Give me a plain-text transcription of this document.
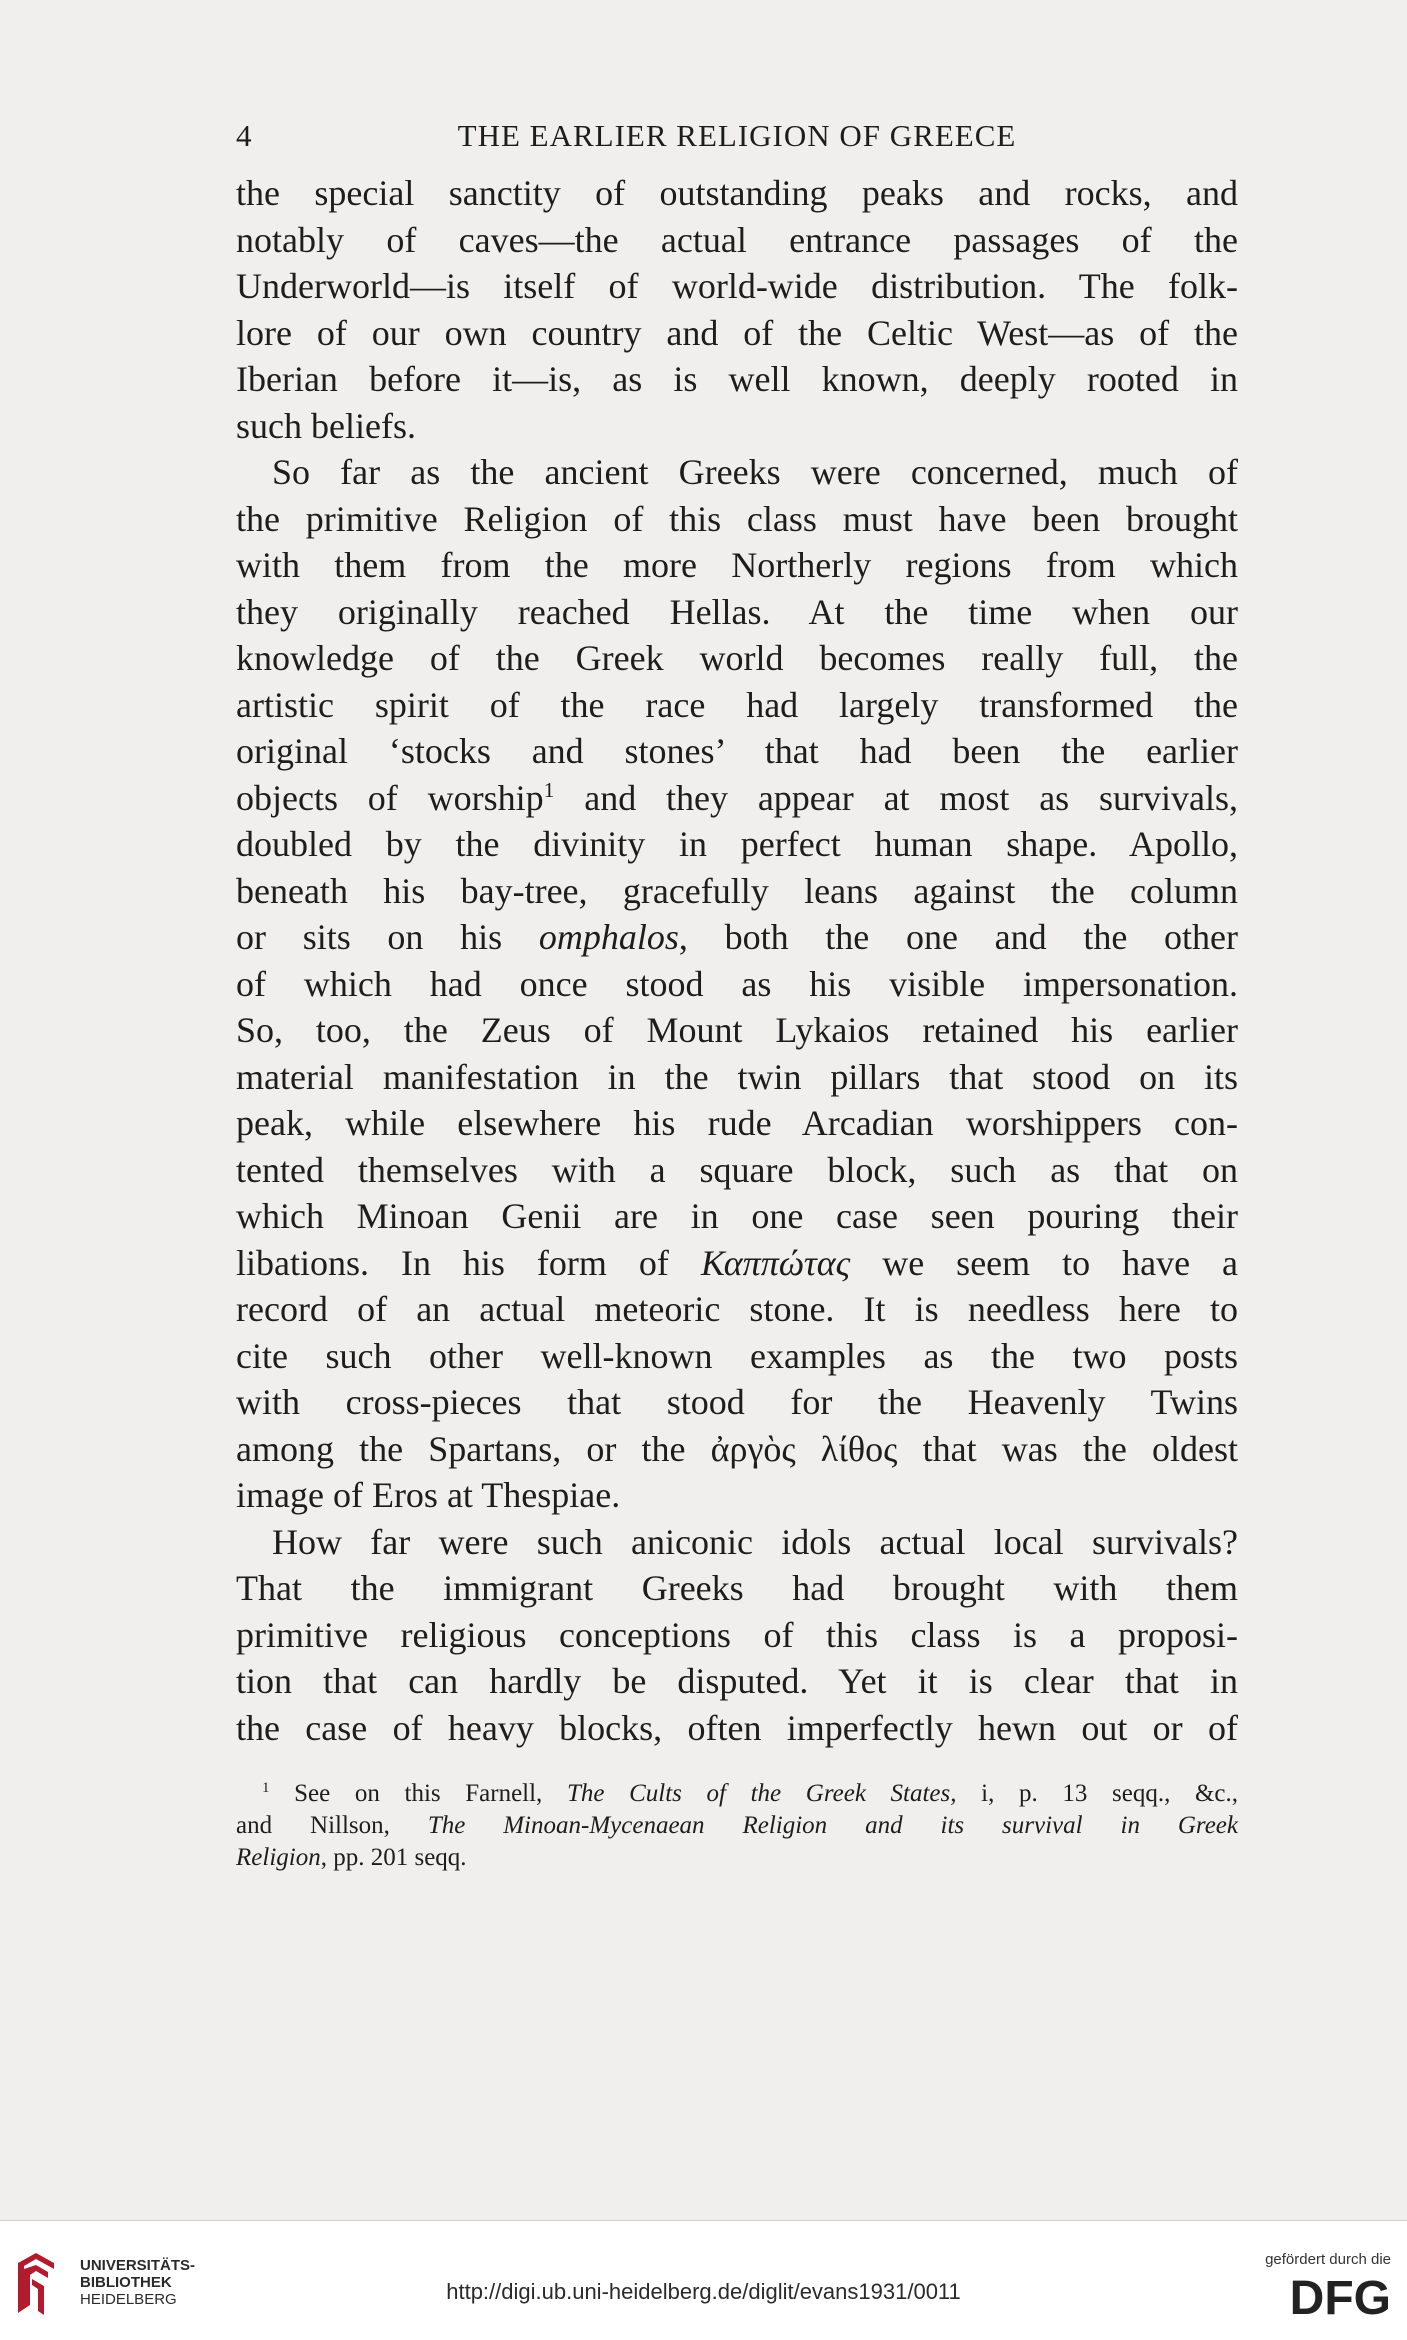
4	THE EARLIER RELIGION OF GREECE

the special sanctity of outstanding peaks and rocks, and
notably of caves—the actual entrance passages of the
Underworld—is itself of world-wide distribution. The folk-
lore of our own country and of the Celtic West—as of the
Iberian before it—is, as is well known, deeply rooted in
such beliefs.

So far as the ancient Greeks were concerned, much of
the primitive Religion of this class must have been brought
with them from the more Northerly regions from which
they originally reached Hellas. At the time when our
knowledge of the Greek world becomes really full, the
artistic spirit of the race had largely transformed the
original ‘stocks and stones’ that had been the earlier
objects of worship$^1$ and they appear at most as survivals,
doubled by the divinity in perfect human shape. Apollo,
beneath his bay-tree, gracefully leans against the column
or sits on his omphalos, both the one and the other
of which had once stood as his visible impersonation.
So, too, the Zeus of Mount Lykaios retained his earlier
material manifestation in the twin pillars that stood on its
peak, while elsewhere his rude Arcadian worshippers con-
tented themselves with a square block, such as that on
which Minoan Genii are in one case seen pouring their
libations. In his form of Καππώτας we seem to have a
record of an actual meteoric stone. It is needless here to
cite such other well-known examples as the two posts
with cross-pieces that stood for the Heavenly Twins
among the Spartans, or the ἀργὸς λίθος that was the oldest
image of Eros at Thespiae.

How far were such aniconic idols actual local survivals?
That the immigrant Greeks had brought with them
primitive religious conceptions of this class is a proposi-
tion that can hardly be disputed. Yet it is clear that in
the case of heavy blocks, often imperfectly hewn out or of

$^1$ See on this Farnell, The Cults of the Greek States, i, p. 13 seqq., &c.,
and Nillson, The Minoan-Mycenaean Religion and its survival in Greek
Religion, pp. 201 seqq.
UNIVERSITÄTS-
BIBLIOTHEK
HEIDELBERG	http://digi.ub.uni-heidelberg.de/diglit/evans1931/0011
gefördert durch die
DFG
